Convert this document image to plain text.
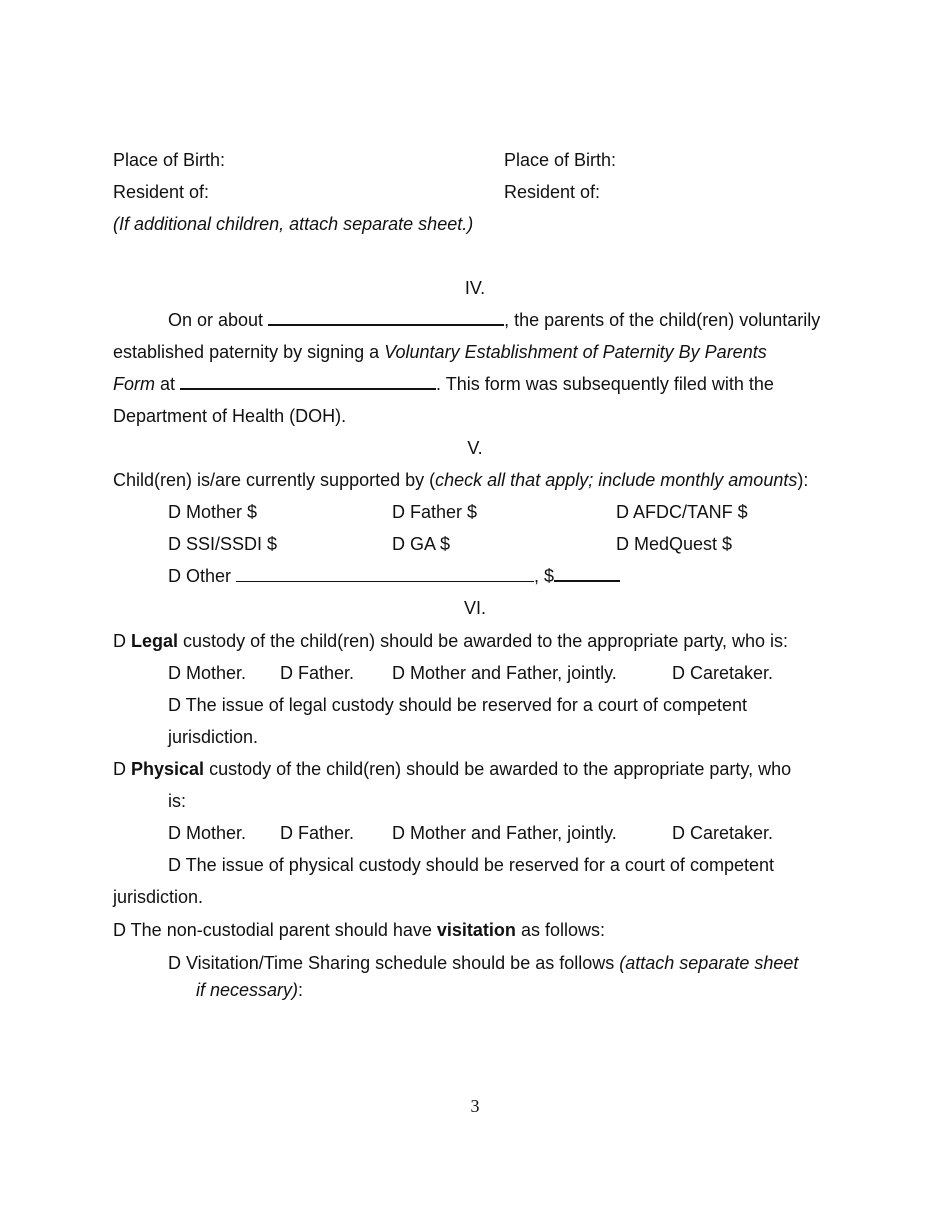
Place of Birth:	Place of Birth:
Resident of:	Resident of:
(If additional children, attach separate sheet.)
IV.
On or about	, the parents of the child(ren) voluntarily
established paternity by signing a Voluntary Establishment of Paternity By Parents
Form at	. This form was subsequently filed with the
Department of Health (DOH).
V.
Child(ren) is/are currently supported by (check all that apply; include monthly amounts):
D Mother $	D Father $	D AFDC/TANF $
D SSI/SSDI $	D GA $	D MedQuest $
D Other	, $
VI.
D Legal custody of the child(ren) should be awarded to the appropriate party, who is:
D Mother. D Father. D Mother and Father, jointly.	D Caretaker.
D The issue of legal custody should be reserved for a court of competent
jurisdiction.
D Physical custody of the child(ren) should be awarded to the appropriate party, who
is:
D Mother. D Father. D Mother and Father, jointly.	D Caretaker.
D The issue of physical custody should be reserved for a court of competent
jurisdiction.
D The non-custodial parent should have visitation as follows:
D Visitation/Time Sharing schedule should be as follows (attach separate sheet
if necessary):
3
